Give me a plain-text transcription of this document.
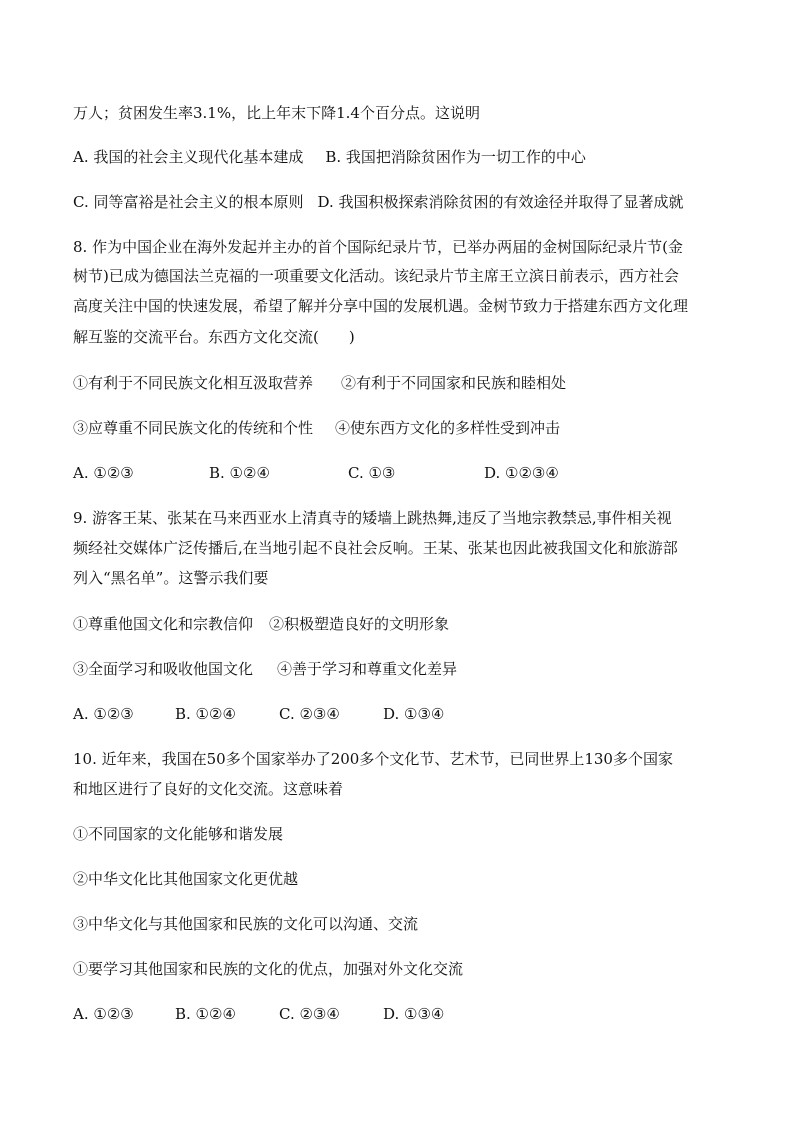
万人；贫困发生率3.1%，比上年末下降1.4个百分点。这说明
A. 我国的社会主义现代化基本建成 B. 我国把消除贫困作为一切工作的中心
C. 同等富裕是社会主义的根本原则 D. 我国积极探索消除贫困的有效途径并取得了显著成就
8. 作为中国企业在海外发起并主办的首个国际纪录片节，已举办两届的金树国际纪录片节(金
树节)已成为德国法兰克福的一项重要文化活动。该纪录片节主席王立滨日前表示，西方社会
高度关注中国的快速发展，希望了解并分享中国的发展机遇。金树节致力于搭建东西方文化理
解互鉴的交流平台。东西方文化交流(　　)
①有利于不同民族文化相互汲取营养 ②有利于不同国家和民族和睦相处
③应尊重不同民族文化的传统和个性 ④使东西方文化的多样性受到冲击
A. ①②③	B. ①②④	C. ①③	D. ①②③④
9. 游客王某、张某在马来西亚水上清真寺的矮墙上跳热舞,违反了当地宗教禁忌,事件相关视
频经社交媒体广泛传播后,在当地引起不良社会反响。王某、张某也因此被我国文化和旅游部
列入“黑名单”。这警示我们要
①尊重他国文化和宗教信仰 ②积极塑造良好的文明形象
③全面学习和吸收他国文化 ④善于学习和尊重文化差异
A. ①②③	B. ①②④	C. ②③④	D. ①③④
10. 近年来，我国在50多个国家举办了200多个文化节、艺术节，已同世界上130多个国家
和地区进行了良好的文化交流。这意味着
①不同国家的文化能够和谐发展
②中华文化比其他国家文化更优越
③中华文化与其他国家和民族的文化可以沟通、交流
①要学习其他国家和民族的文化的优点，加强对外文化交流
A. ①②③	B. ①②④	C. ②③④	D. ①③④
